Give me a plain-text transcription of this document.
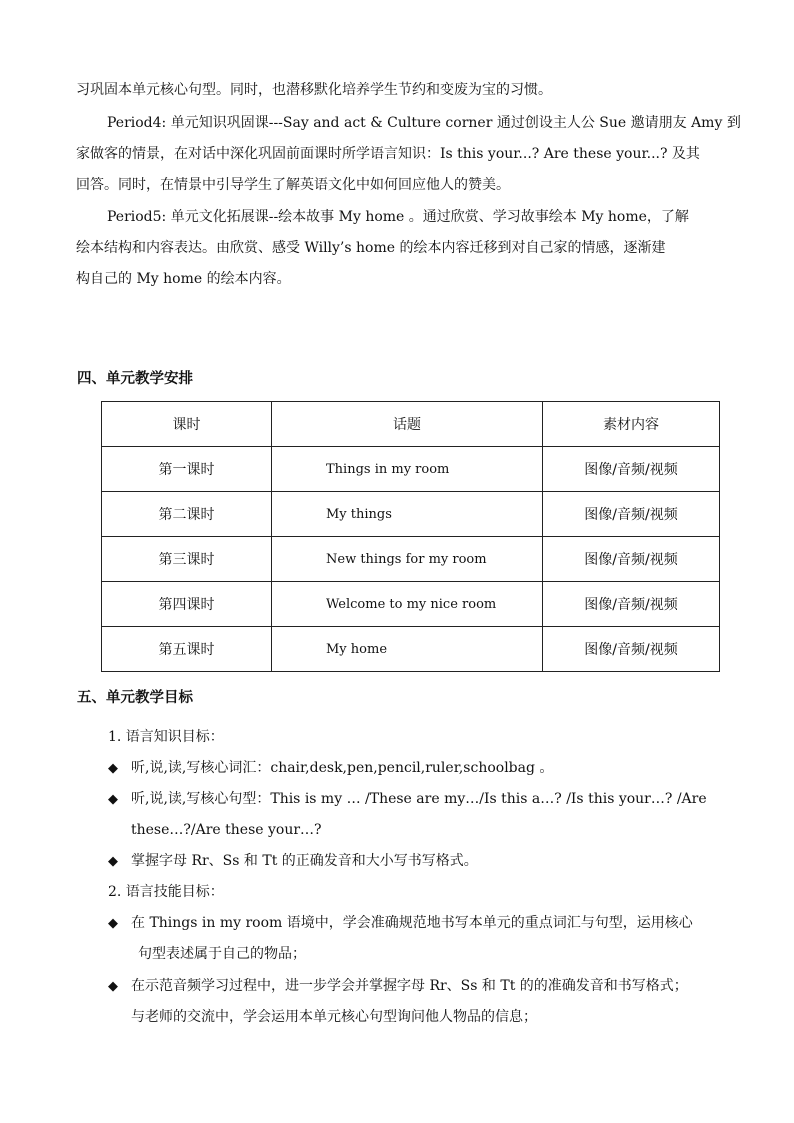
习巩固本单元核心句型。同时，也潜移默化培养学生节约和变废为宝的习惯。
Period4: 单元知识巩固课---Say and act & Culture corner 通过创设主人公 Sue 邀请朋友 Amy 到
家做客的情景，在对话中深化巩固前面课时所学语言知识：Is this your...? Are these your...? 及其
回答。同时，在情景中引导学生了解英语文化中如何回应他人的赞美。
Period5: 单元文化拓展课--绘本故事 My home 。通过欣赏、学习故事绘本 My home，了解
绘本结构和内容表达。由欣赏、感受 Willy’s home 的绘本内容迁移到对自己家的情感，逐渐建
构自己的 My home 的绘本内容。
四、单元教学安排
课时	话题	素材内容
第一课时	Things in my room	图像/音频/视频
第二课时	My things	图像/音频/视频
第三课时	New things for my room	图像/音频/视频
第四课时	Welcome to my nice room	图像/音频/视频
第五课时	My home	图像/音频/视频
五、单元教学目标
1. 语言知识目标：
◆ 听,说,读,写核心词汇：chair,desk,pen,pencil,ruler,schoolbag 。
◆ 听,说,读,写核心句型：This is my … /These are my…/Is this a…? /Is this your…? /Are
these…?/Are these your…?
◆ 掌握字母 Rr、Ss 和 Tt 的正确发音和大小写书写格式。
2. 语言技能目标：
◆ 在 Things in my room 语境中，学会准确规范地书写本单元的重点词汇与句型，运用核心
句型表述属于自己的物品；
◆ 在示范音频学习过程中，进一步学会并掌握字母 Rr、Ss 和 Tt 的的准确发音和书写格式；
与老师的交流中，学会运用本单元核心句型询问他人物品的信息；
